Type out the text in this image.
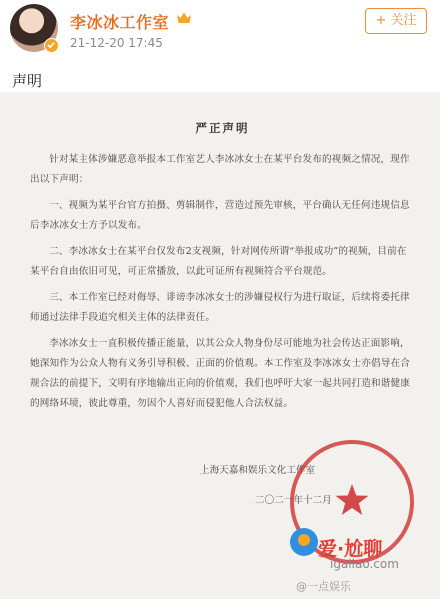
李冰冰工作室
21-12-20 17:45
+ 关注
声明
严正声明

针对某主体涉嫌恶意举报本工作室艺人李冰冰女士在某平台发布的视频之情况，现作出以下声明：

一、视频为某平台官方拍摄、剪辑制作，营造过预先审核，平台确认无任何违规信息后李冰冰女士方予以发布。

二、李冰冰女士在某平台仅发布2支视频，针对网传所谓“举报成功”的视频，目前在某平台自由依旧可见，可正常播放，以此可证所有视频符合平台规范。

三、本工作室已经对侮辱、诽谤李冰冰女士的涉嫌侵权行为进行取证，后续将委托律师通过法律手段追究相关主体的法律责任。

李冰冰女士一直积极传播正能量，以其公众人物身份尽可能地为社会传达正面影响，她深知作为公众人物有义务引导积极、正面的价值观。本工作室及李冰冰女士亦倡导在合规合法的前提下，文明有序地输出正向的价值观，我们也呼吁大家一起共同打造和谐健康的网络环境，彼此尊重，勿因个人喜好而侵犯他人合法权益。

上海天嘉和娱乐文化工作室
二〇二一年十二月
爱·尬聊
igaliao.com
@一点娱乐
